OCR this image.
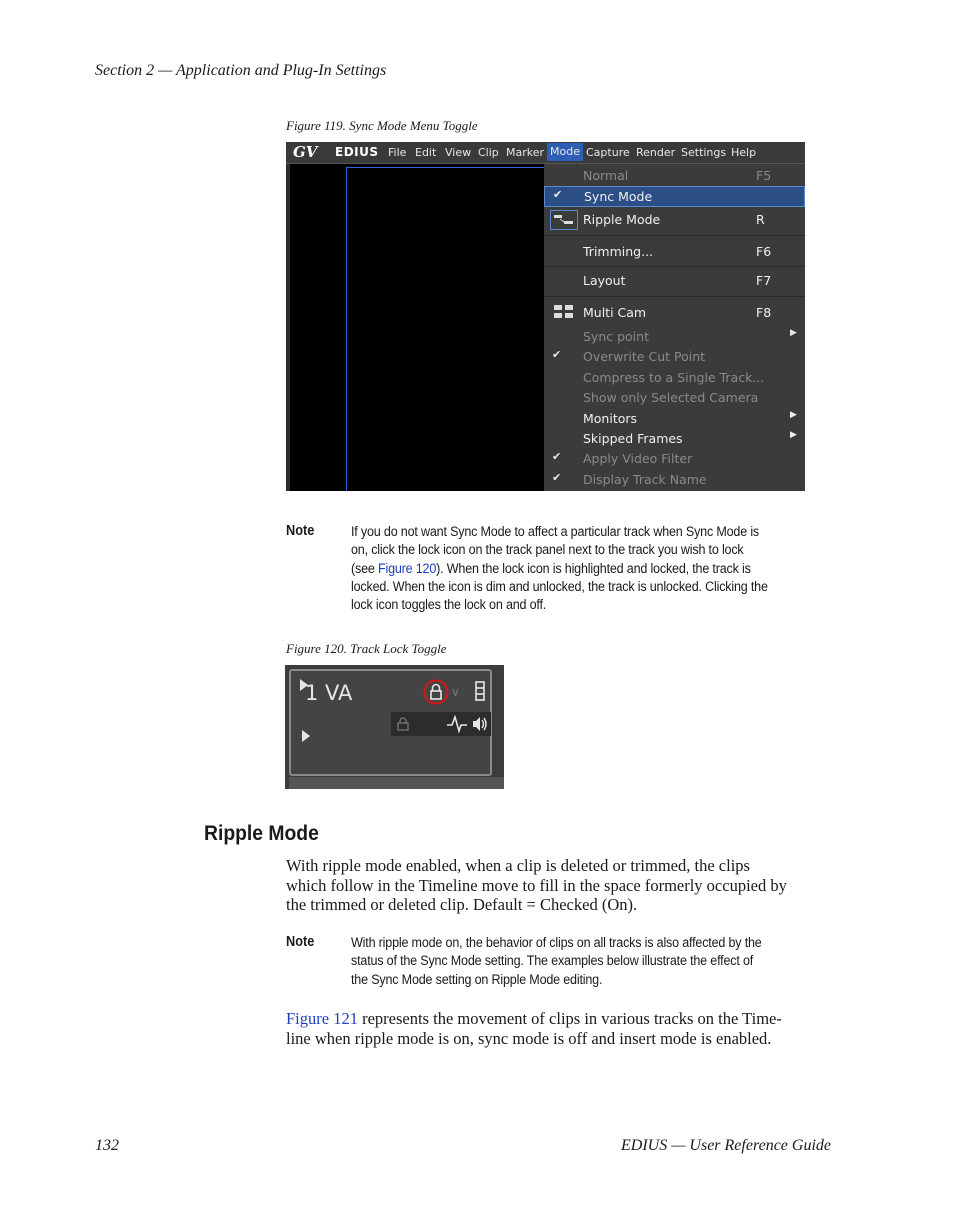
Section 2 — Application and Plug-In Settings
Figure 119. Sync Mode Menu Toggle
GV EDIUS File Edit View Clip Marker Mode Capture Render Settings Help
Normal	F5
✔ Sync Mode
Ripple Mode	R
Trimming...	F6
Layout	F7
Multi Cam	F8
Sync point	▶
✔ Overwrite Cut Point
Compress to a Single Track...
Show only Selected Camera
Monitors	▶
Skipped Frames	▶
✔ Apply Video Filter
✔ Display Track Name
Note	If you do not want Sync Mode to affect a particular track when Sync Mode is
on, click the lock icon on the track panel next to the track you wish to lock
(see Figure 120). When the lock icon is highlighted and locked, the track is
locked. When the icon is dim and unlocked, the track is unlocked. Clicking the
lock icon toggles the lock on and off.
Figure 120. Track Lock Toggle
1 VA	∨
Ripple Mode
With ripple mode enabled, when a clip is deleted or trimmed, the clips
which follow in the Timeline move to fill in the space formerly occupied by
the trimmed or deleted clip. Default = Checked (On).
Note	With ripple mode on, the behavior of clips on all tracks is also affected by the
status of the Sync Mode setting. The examples below illustrate the effect of
the Sync Mode setting on Ripple Mode editing.
Figure 121 represents the movement of clips in various tracks on the Time-
line when ripple mode is on, sync mode is off and insert mode is enabled.
132	EDIUS — User Reference Guide
